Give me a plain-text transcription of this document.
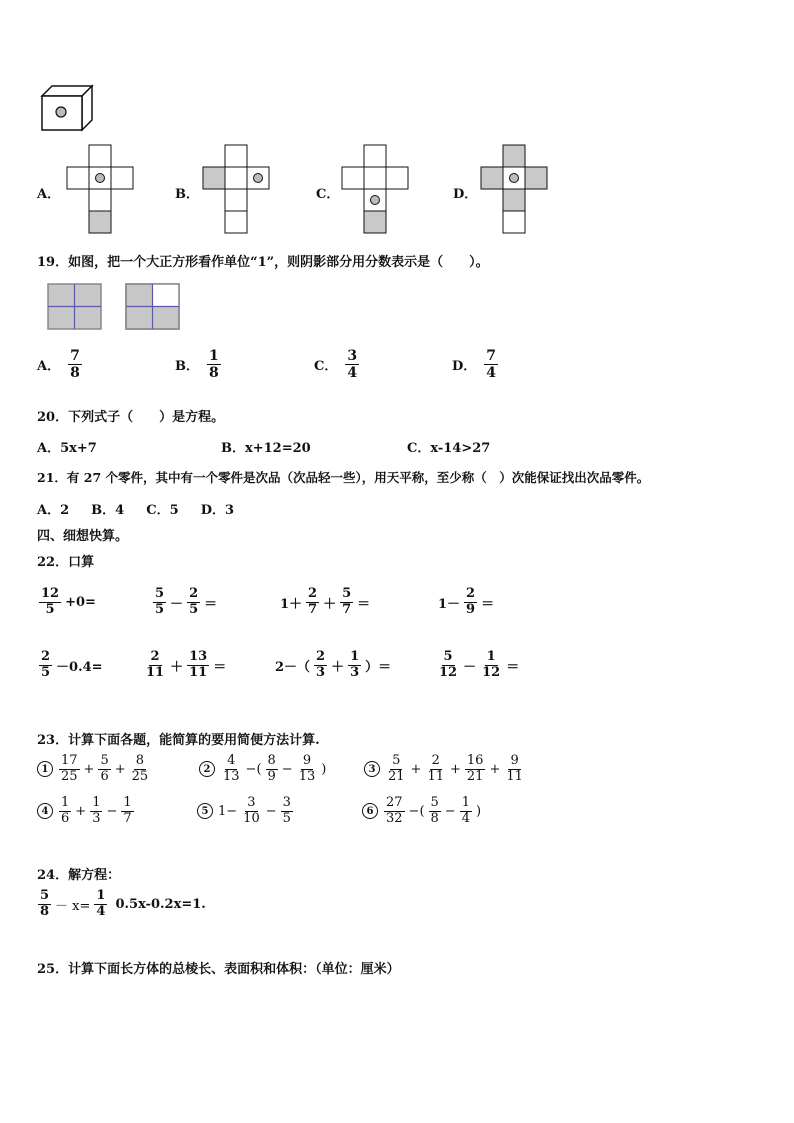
A．	B．	C．	D．
19．如图，把一个大正方形看作单位“1”，则阴影部分用分数表示是（　　）。
A． $\frac{7}{8}$	B． $\frac{1}{8}$	C． $\frac{3}{4}$	D． $\frac{7}{4}$
20．下列式子（　　）是方程。
A．5x+7	B．x+12=20	C．x-14>27
21．有 27 个零件，其中有一个零件是次品（次品轻一些），用天平称，至少称（　）次能保证找出次品零件。
A．2　  B．4　  C．5　  D．3
四、细想快算。
22．口算
$\frac{12}{5} +0=$	$\frac{5}{5} - \frac{2}{5}$ ＝	$1+ \frac{2}{7} + \frac{5}{7}$ ＝	$1- \frac{2}{9}$ ＝
$\frac{2}{5} -0.4=$	$\frac{2}{11} + \frac{13}{11}$ ＝	$2-( \frac{2}{3} + \frac{1}{3}$ ）＝	$\frac{5}{12} - \frac{1}{12}$ ＝
23．计算下面各题，能简算的要用简便方法计算.
$1 \frac{17}{25} + \frac{5}{6} + \frac{8}{25}$	$2 \frac{4}{13}$ −( $\frac{8}{9} - \frac{9}{13}$ )	$3 \frac{5}{21} + \frac{2}{11} + \frac{16}{21} + \frac{9}{11}$
$4 \frac{1}{6} + \frac{1}{3} - \frac{1}{7}$	5 $1- \frac{3}{10} - \frac{3}{5}$	$6 \frac{27}{32}$ −( $\frac{5}{8} - \frac{1}{4}$ )
24．解方程：
$\frac{5}{8} - x= \frac{1}{4} 0.5x-0.2x=1$.
25．计算下面长方体的总棱长、表面积和体积：（单位：厘米）
